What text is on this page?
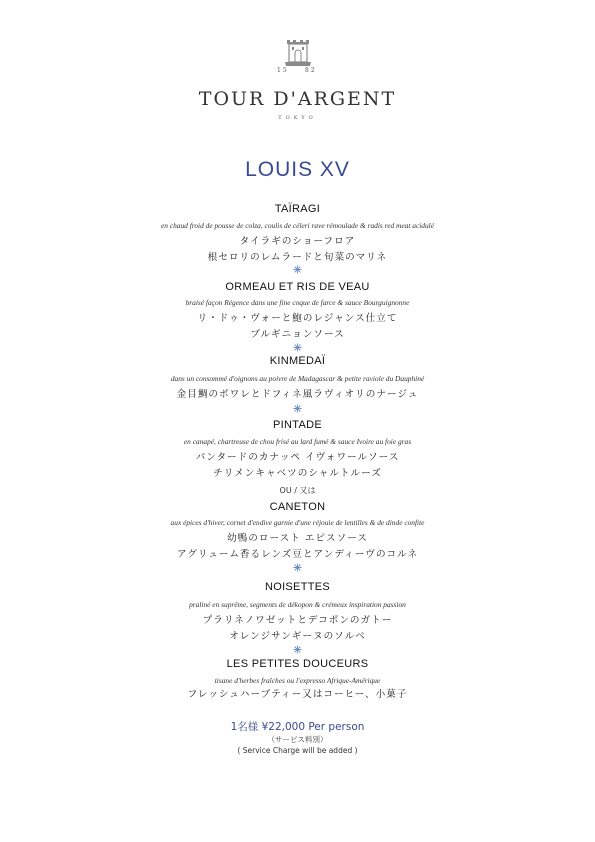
15	82
TOUR D'ARGENT
TOKYO
LOUIS XV
TAÏRAGI
en chaud froid de pousse de colza, coulis de céleri rave rémoulade & radis red meat acidulé
タイラギのショーフロア
根セロリのレムラードと旬菜のマリネ
ORMEAU ET RIS DE VEAU
braisé façon Régence dans une fine coque de farce & sauce Bourguignonne
リ・ドゥ・ヴォーと鮑のレジャンス仕立て
ブルギニョンソース
KINMEDAÏ
dans un consommé d'oignons au poivre de Madagascar & petite raviole du Dauphiné
金目鯛のポワレとドフィネ風ラヴィオリのナージュ
PINTADE
en canapé, chartreuse de chou frisé au lard fumé & sauce Ivoire au foie gras
パンタードのカナッペ イヴォワールソース
チリメンキャベツのシャルトルーズ
OU / 又は
CANETON
aux épices d'hiver, cornet d'endive garnie d'une réjouie de lentilles & de dinde confite
幼鴨のロースト エピスソース
アグリューム香るレンズ豆とアンディーヴのコルネ
NOISETTES
praliné en suprême, segments de dékopon & crémeux inspiration passion
プラリネノワゼットとデコポンのガトー
オレンジサンギーヌのソルベ
LES PETITES DOUCEURS
tisane d'herbes fraîches ou l'expresso Afrique-Amérique
フレッシュハーブティー又はコーヒー、小菓子
1名様 ¥22,000 Per person
（サービス料別）
( Service Charge will be added )
